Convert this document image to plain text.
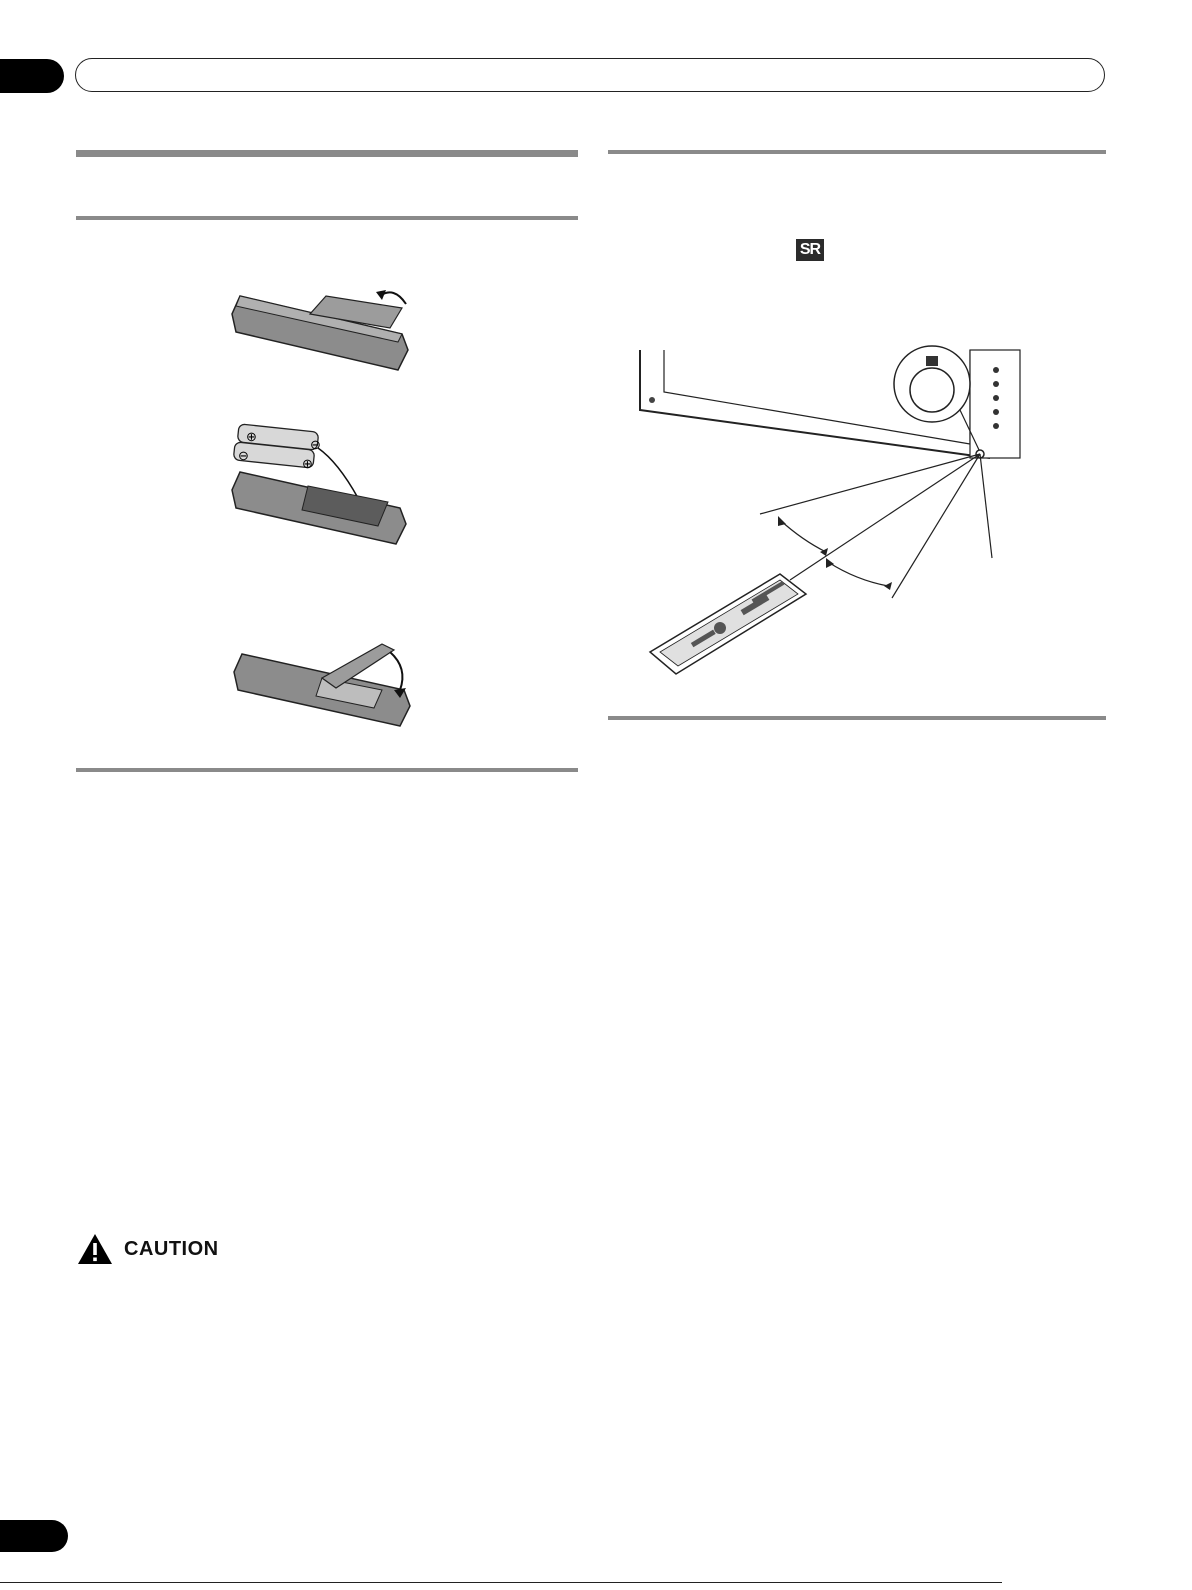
SR
⊕
⊖
⊖
⊕
CAUTION
